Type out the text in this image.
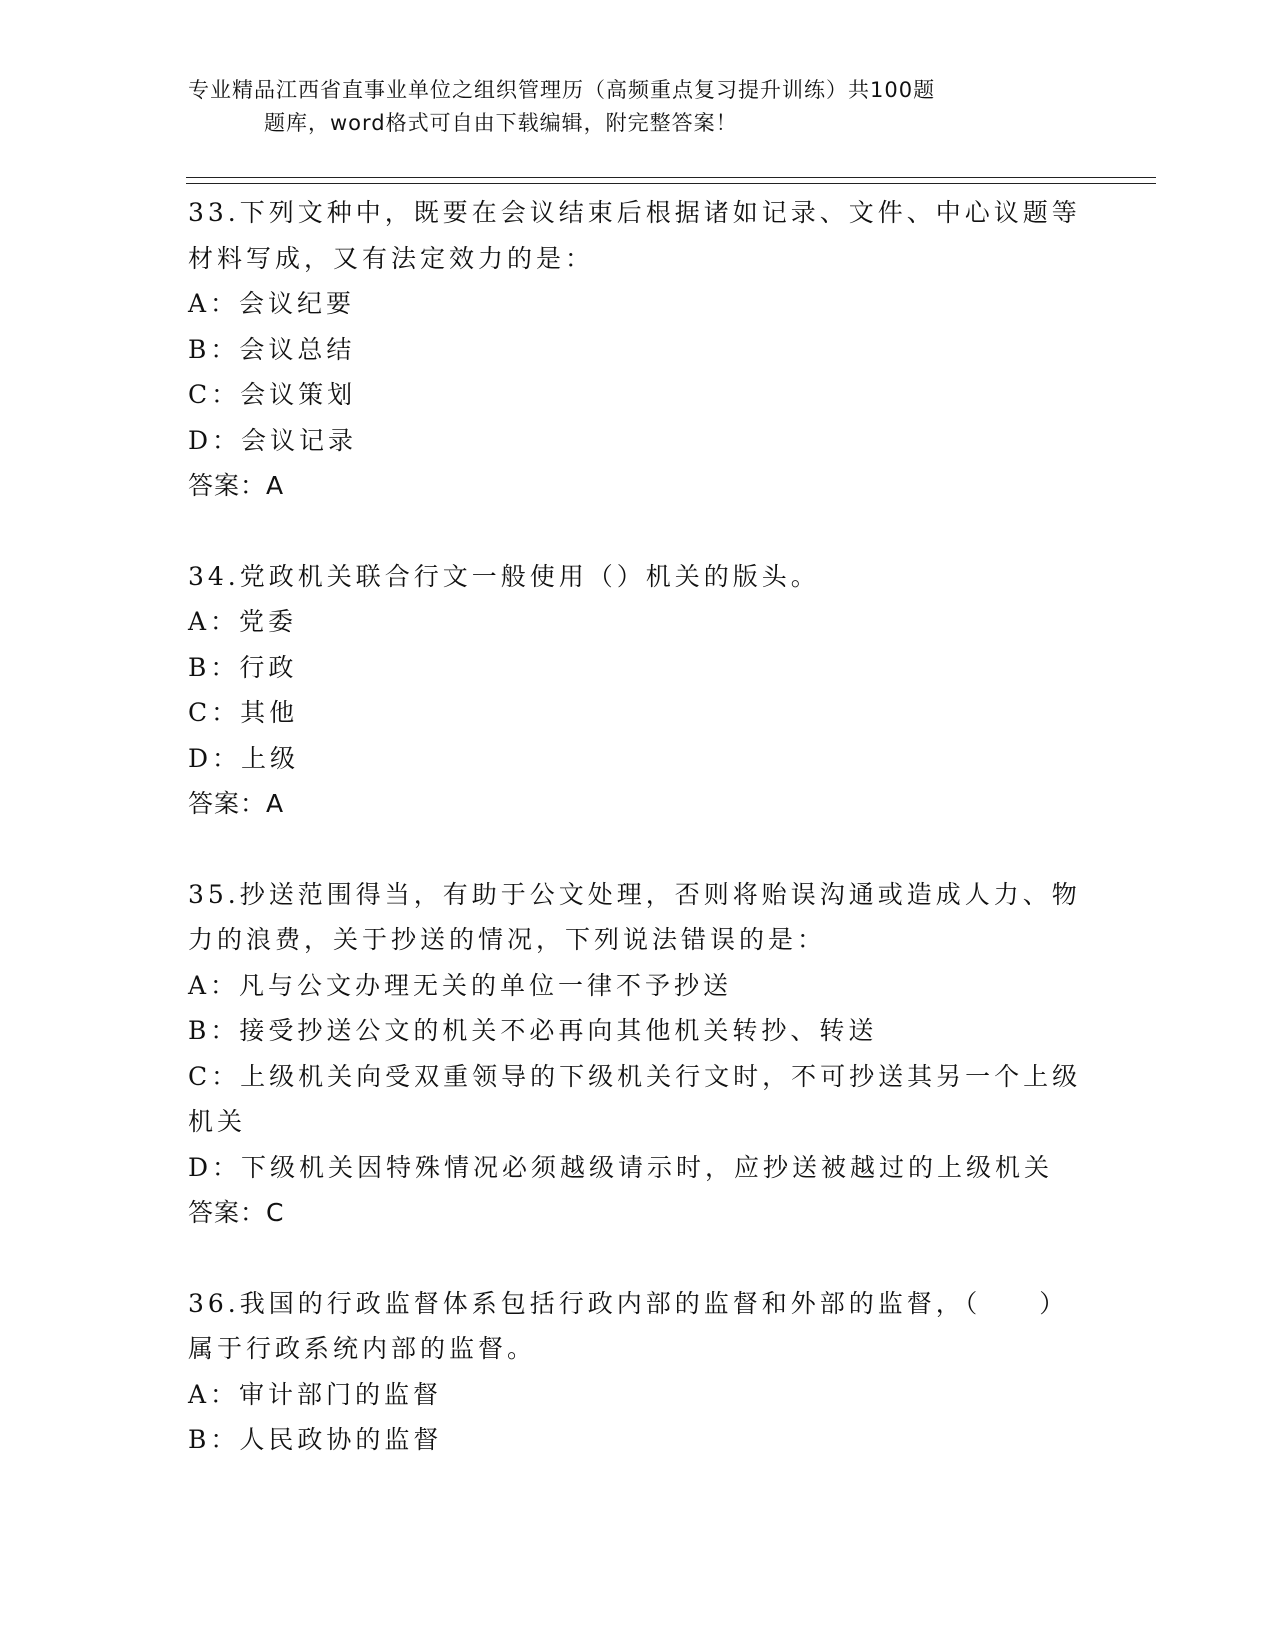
专业精品江西省直事业单位之组织管理历（高频重点复习提升训练）共100题
题库，word格式可自由下载编辑，附完整答案！
33.下列文种中，既要在会议结束后根据诸如记录、文件、中心议题等
材料写成，又有法定效力的是：
A：会议纪要
B：会议总结
C：会议策划
D：会议记录
答案：A
34.党政机关联合行文一般使用（）机关的版头。
A：党委
B：行政
C：其他
D：上级
答案：A
35.抄送范围得当，有助于公文处理，否则将贻误沟通或造成人力、物
力的浪费，关于抄送的情况，下列说法错误的是：
A：凡与公文办理无关的单位一律不予抄送
B：接受抄送公文的机关不必再向其他机关转抄、转送
C：上级机关向受双重领导的下级机关行文时，不可抄送其另一个上级
机关
D：下级机关因特殊情况必须越级请示时，应抄送被越过的上级机关
答案：C
36.我国的行政监督体系包括行政内部的监督和外部的监督，（　　）
属于行政系统内部的监督。
A：审计部门的监督
B：人民政协的监督
